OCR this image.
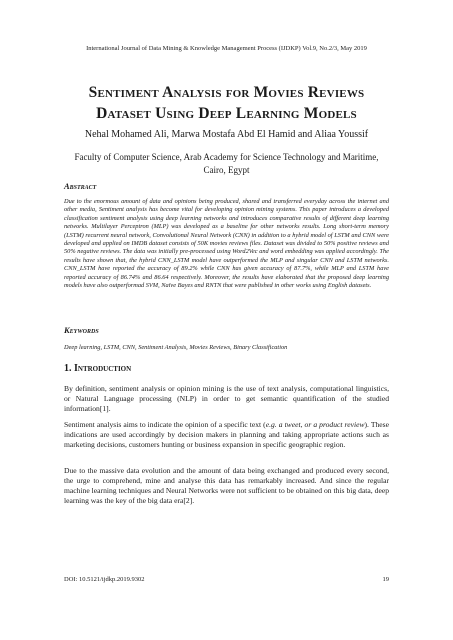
International Journal of Data Mining & Knowledge Management Process (IJDKP) Vol.9, No.2/3, May 2019
Sentiment Analysis for Movies Reviews
Dataset Using Deep Learning Models
Nehal Mohamed Ali, Marwa Mostafa Abd El Hamid and Aliaa Youssif
Faculty of Computer Science, Arab Academy for Science Technology and Maritime,
Cairo, Egypt
Abstract
Due to the enormous amount of data and opinions being produced, shared and transferred everyday across the internet and other media, Sentiment analysis has become vital for developing opinion mining systems. This paper introduces a developed classification sentiment analysis using deep learning networks and introduces comparative results of different deep learning networks. Multilayer Perceptron (MLP) was developed as a baseline for other networks results. Long short-term memory (LSTM) recurrent neural network, Convolutional Neural Network (CNN) in addition to a hybrid model of LSTM and CNN were developed and applied on IMDB dataset consists of 50K movies reviews files. Dataset was divided to 50% positive reviews and 50% negative reviews. The data was initially pre-processed using Word2Vec and word embedding was applied accordingly. The results have shown that, the hybrid CNN_LSTM model have outperformed the MLP and singular CNN and LSTM networks. CNN_LSTM have reported the accuracy of 89.2% while CNN has given accuracy of 87.7%, while MLP and LSTM have reported accuracy of 86.74% and 86.64 respectively. Moreover, the results have elaborated that the proposed deep learning models have also outperformad SVM, Naïve Bayes and RNTN that were published in other works using English datasets.
Keywords
Deep learning, LSTM, CNN, Sentiment Analysis, Movies Reviews, Binary Classification
1. Introduction
By definition, sentiment analysis or opinion mining is the use of text analysis, computational linguistics, or Natural Language processing (NLP) in order to get semantic quantification of the studied information[1].
Sentiment analysis aims to indicate the opinion of a specific text (e.g. a tweet, or a product review). These indications are used accordingly by decision makers in planning and taking appropriate actions such as marketing decisions, customers hunting or business expansion in specific geographic region.
Due to the massive data evolution and the amount of data being exchanged and produced every second, the urge to comprehend, mine and analyse this data has remarkably increased. And since the regular machine learning techniques and Neural Networks were not sufficient to be obtained on this big data, deep learning was the key of the big data era[2].
DOI: 10.5121/ijdkp.2019.9302	19
